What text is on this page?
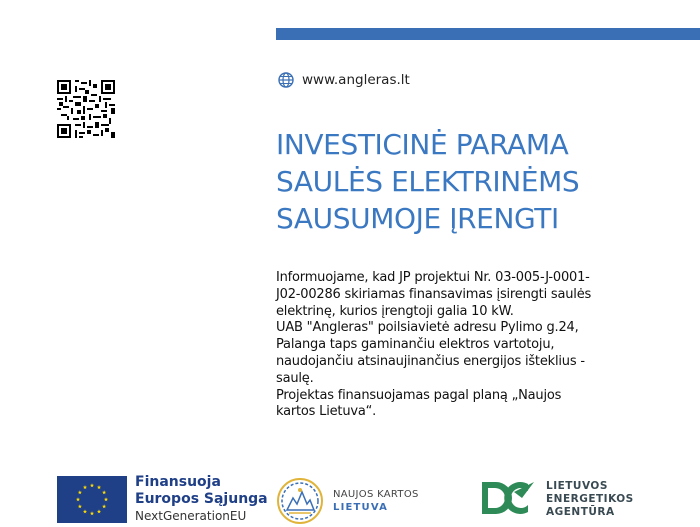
www.angleras.lt
INVESTICINĖ PARAMA
SAULĖS ELEKTRINĖMS
SAUSUMOJE ĮRENGTI

Informuojame, kad JP projektui Nr. 03-005-J-0001-
J02-00286 skiriamas finansavimas įsirengti saulės
elektrinę, kurios įrengtoji galia 10 kW.
UAB "Angleras" poilsiavietė adresu Pylimo g.24,
Palanga taps gaminančiu elektros vartotoju,
naudojančiu atsinaujinančius energijos išteklius -
saulę.
Projektas finansuojamas pagal planą „Naujos
kartos Lietuva“.

Finansuoja
Europos Sąjunga
NextGenerationEU
NAUJOS KARTOS
LIETUVA
LIETUVOS
ENERGETIKOS
AGENTŪRA
